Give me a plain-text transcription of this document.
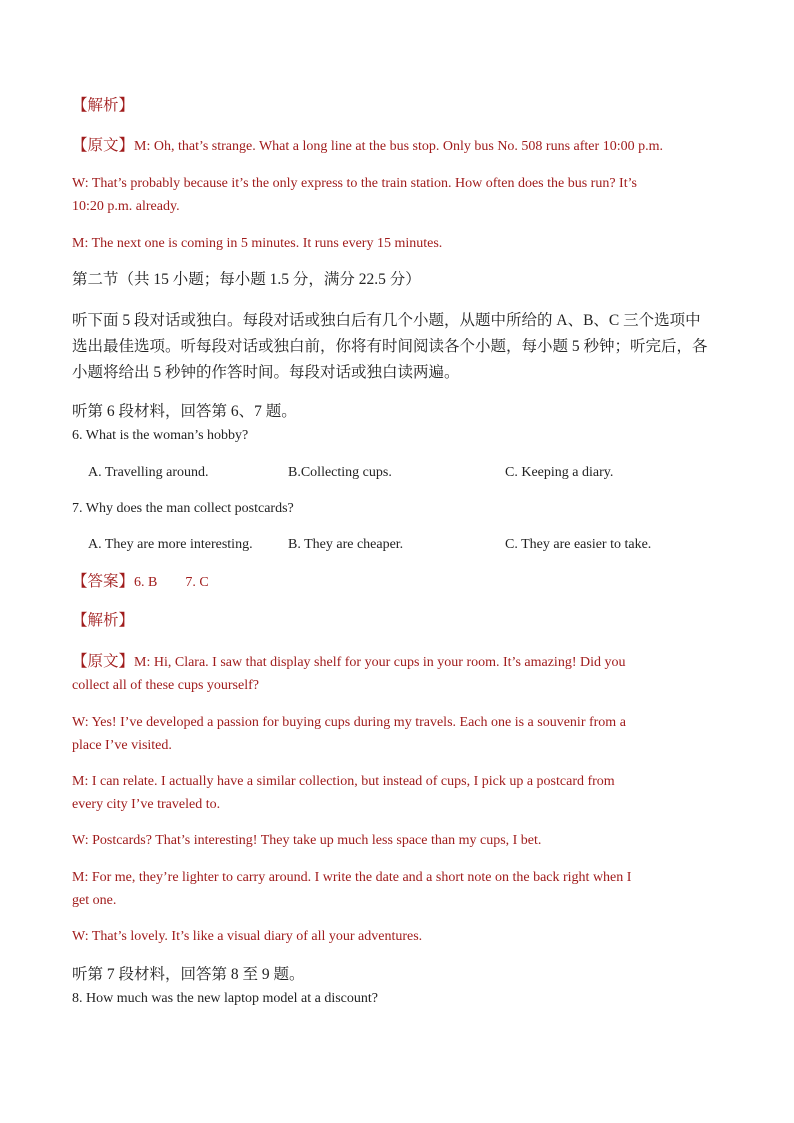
【解析】
【原文】M: Oh, that’s strange. What a long line at the bus stop. Only bus No. 508 runs after 10:00 p.m.
W: That’s probably because it’s the only express to the train station. How often does the bus run? It’s
10:20 p.m. already.
M: The next one is coming in 5 minutes. It runs every 15 minutes.
第二节（共 15 小题；每小题 1.5 分，满分 22.5 分）
听下面 5 段对话或独白。每段对话或独白后有几个小题，从题中所给的 A、B、C 三个选项中
选出最佳选项。听每段对话或独白前，你将有时间阅读各个小题，每小题 5 秒钟；听完后，各
小题将给出 5 秒钟的作答时间。每段对话或独白读两遍。
听第 6 段材料，回答第 6、7 题。
6. What is the woman’s hobby?
A. Travelling around.	B.Collecting cups.	C. Keeping a diary.
7. Why does the man collect postcards?
A. They are more interesting.	B. They are cheaper.	C. They are easier to take.
【答案】6. B        7. C
【解析】
【原文】M: Hi, Clara. I saw that display shelf for your cups in your room. It’s amazing! Did you
collect all of these cups yourself?
W: Yes! I’ve developed a passion for buying cups during my travels. Each one is a souvenir from a
place I’ve visited.
M: I can relate. I actually have a similar collection, but instead of cups, I pick up a postcard from
every city I’ve traveled to.
W: Postcards? That’s interesting! They take up much less space than my cups, I bet.
M: For me, they’re lighter to carry around. I write the date and a short note on the back right when I
get one.
W: That’s lovely. It’s like a visual diary of all your adventures.
听第 7 段材料，回答第 8 至 9 题。
8. How much was the new laptop model at a discount?
